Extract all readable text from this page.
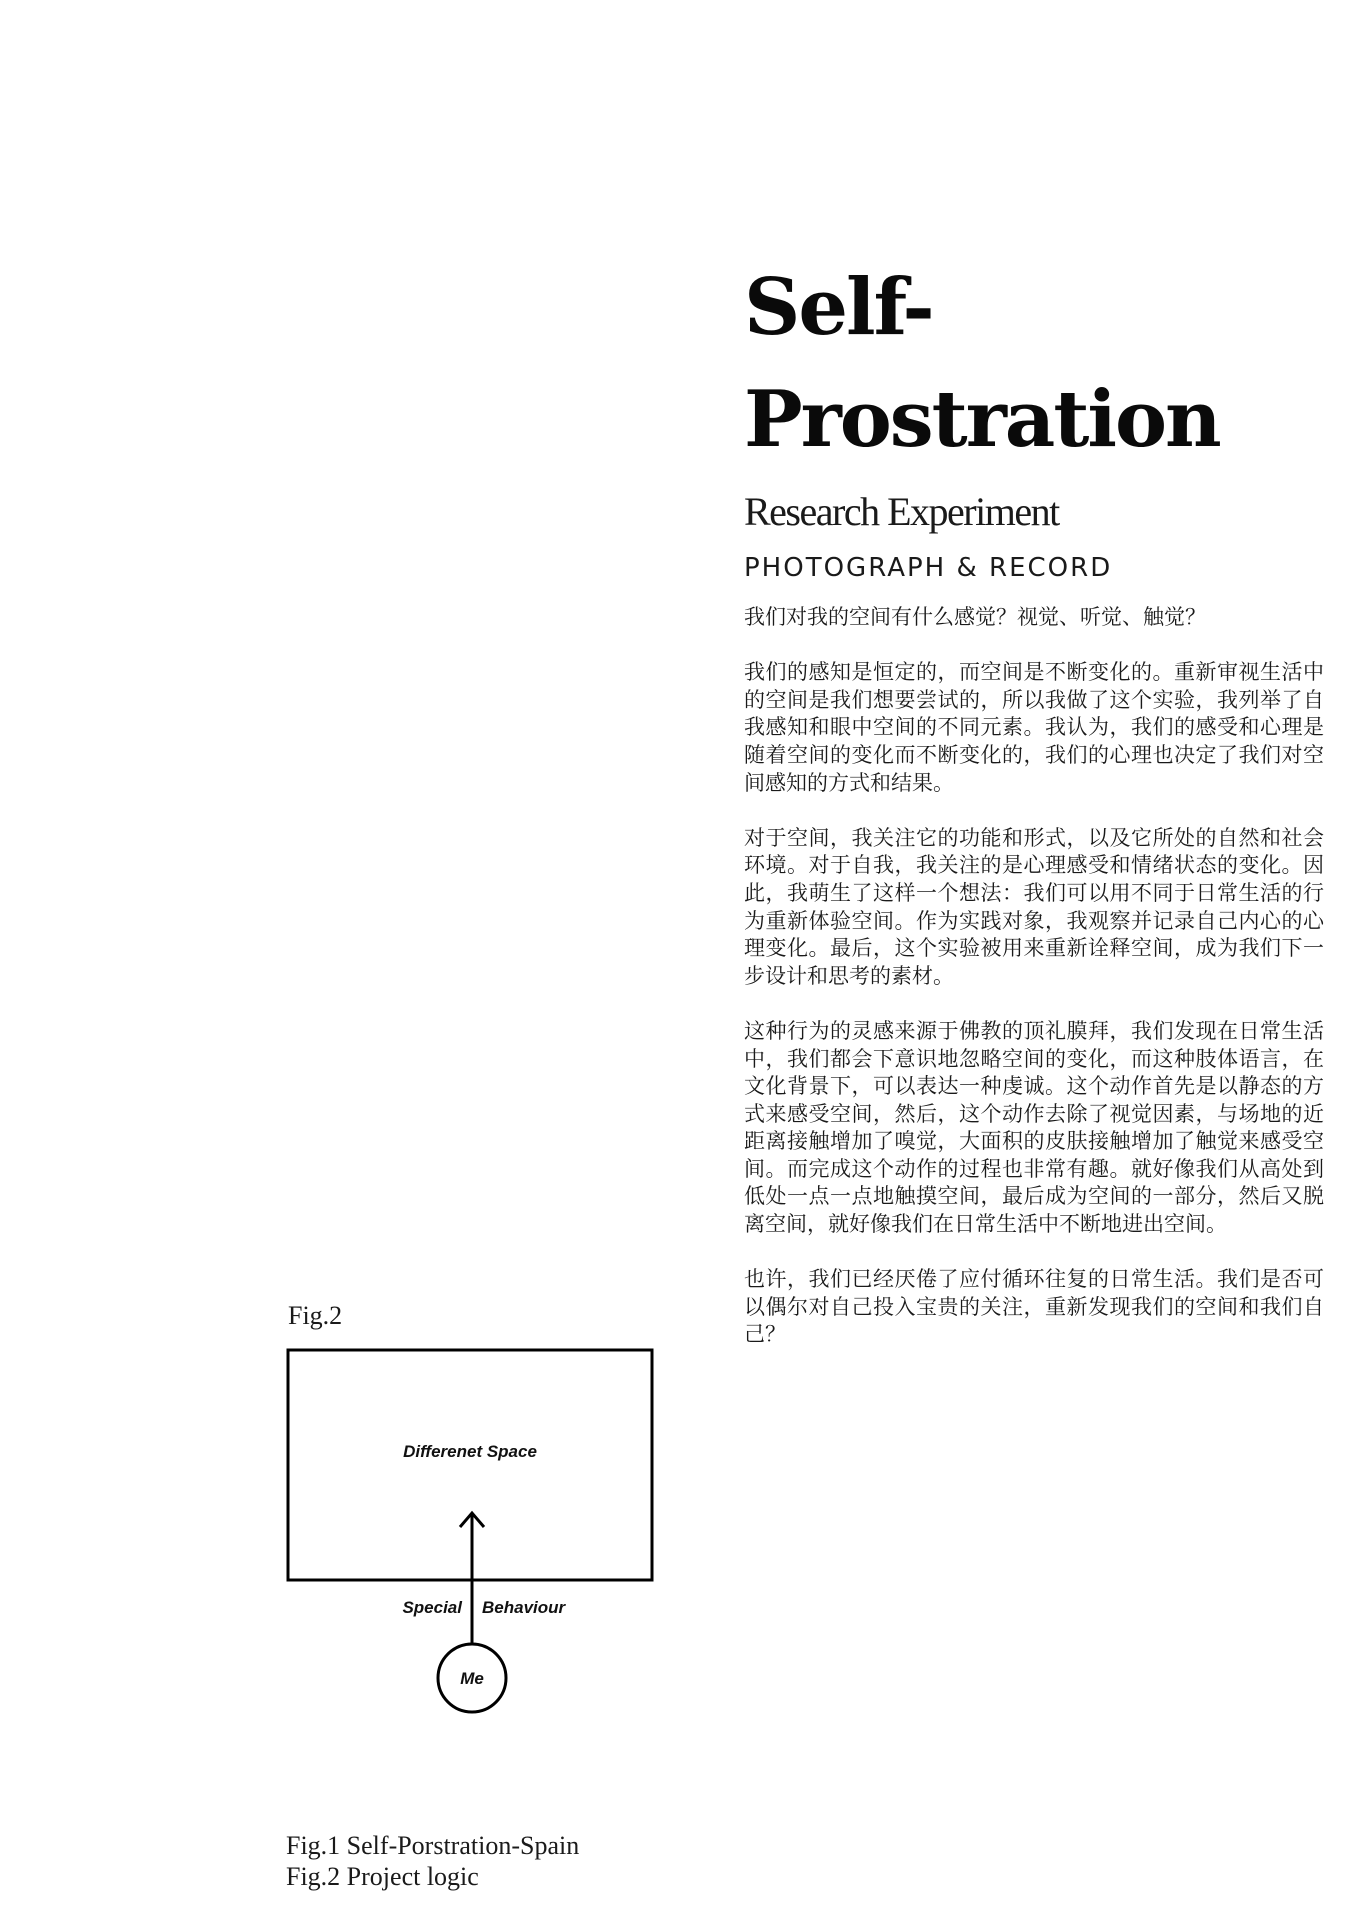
Self-
Prostration
Research Experiment
PHOTOGRAPH & RECORD

我们对我的空间有什么感觉？视觉、听觉、触觉？

我们的感知是恒定的，而空间是不断变化的。重新审视生活中的空间是我们想要尝试的，所以我做了这个实验，我列举了自我感知和眼中空间的不同元素。我认为，我们的感受和心理是随着空间的变化而不断变化的，我们的心理也决定了我们对空间感知的方式和结果。

对于空间，我关注它的功能和形式，以及它所处的自然和社会环境。对于自我，我关注的是心理感受和情绪状态的变化。因此，我萌生了这样一个想法：我们可以用不同于日常生活的行为重新体验空间。作为实践对象，我观察并记录自己内心的心理变化。最后，这个实验被用来重新诠释空间，成为我们下一步设计和思考的素材。

这种行为的灵感来源于佛教的顶礼膜拜，我们发现在日常生活中，我们都会下意识地忽略空间的变化，而这种肢体语言，在文化背景下，可以表达一种虔诚。这个动作首先是以静态的方式来感受空间，然后，这个动作去除了视觉因素，与场地的近距离接触增加了嗅觉，大面积的皮肤接触增加了触觉来感受空间。而完成这个动作的过程也非常有趣。就好像我们从高处到低处一点一点地触摸空间，最后成为空间的一部分，然后又脱离空间，就好像我们在日常生活中不断地进出空间。

也许，我们已经厌倦了应付循环往复的日常生活。我们是否可以偶尔对自己投入宝贵的关注，重新发现我们的空间和我们自己？

Fig.2
Differenet Space
Special Behaviour
Me
Fig.1 Self-Porstration-Spain
Fig.2 Project logic
